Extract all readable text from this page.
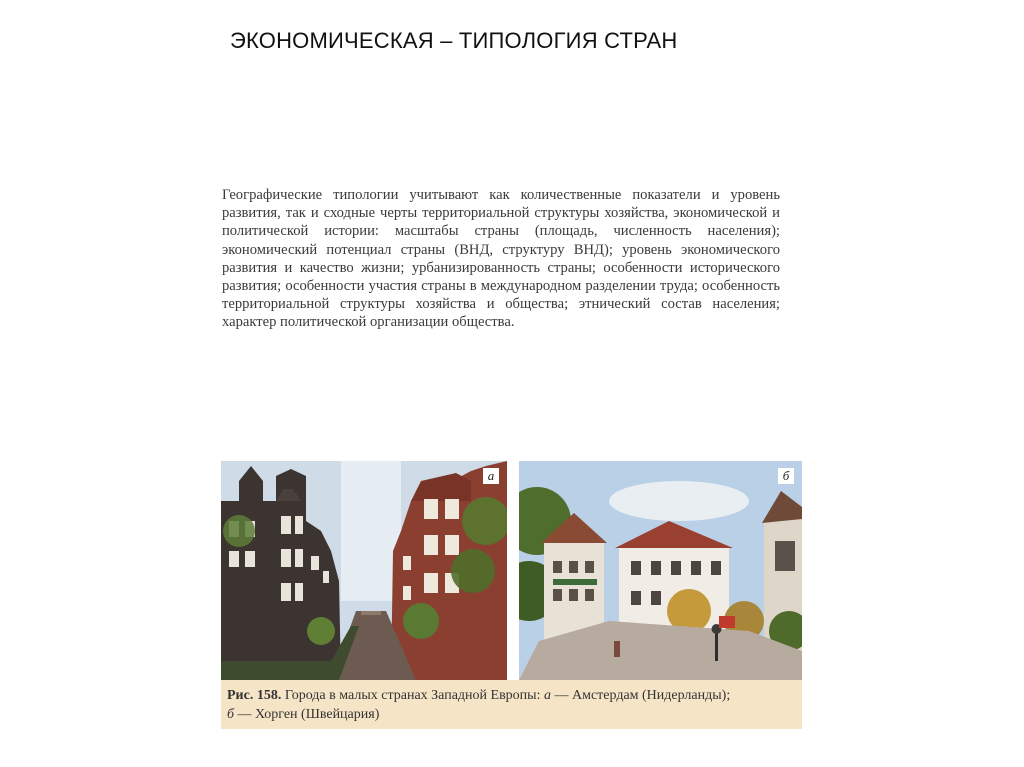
ЭКОНОМИЧЕСКАЯ – ТИПОЛОГИЯ СТРАН

Географические типологии учитывают как количественные показатели и уровень развития, так и сходные черты территориальной структуры хозяйства, экономической и политической истории: масштабы страны (площадь, численность населения); экономический потенциал страны (ВНД, структуру ВНД); уровень экономического развития и качество жизни; урбанизированность страны; особенности исторического развития; особенности участия страны в международном разделении труда; особенность территориальной структуры хозяйства и общества; этнический состав населения; характер политической организации общества.

а	б
Рис. 158. Города в малых странах Западной Европы: а — Амстердам (Нидерланды);
б — Хорген (Швейцария)
